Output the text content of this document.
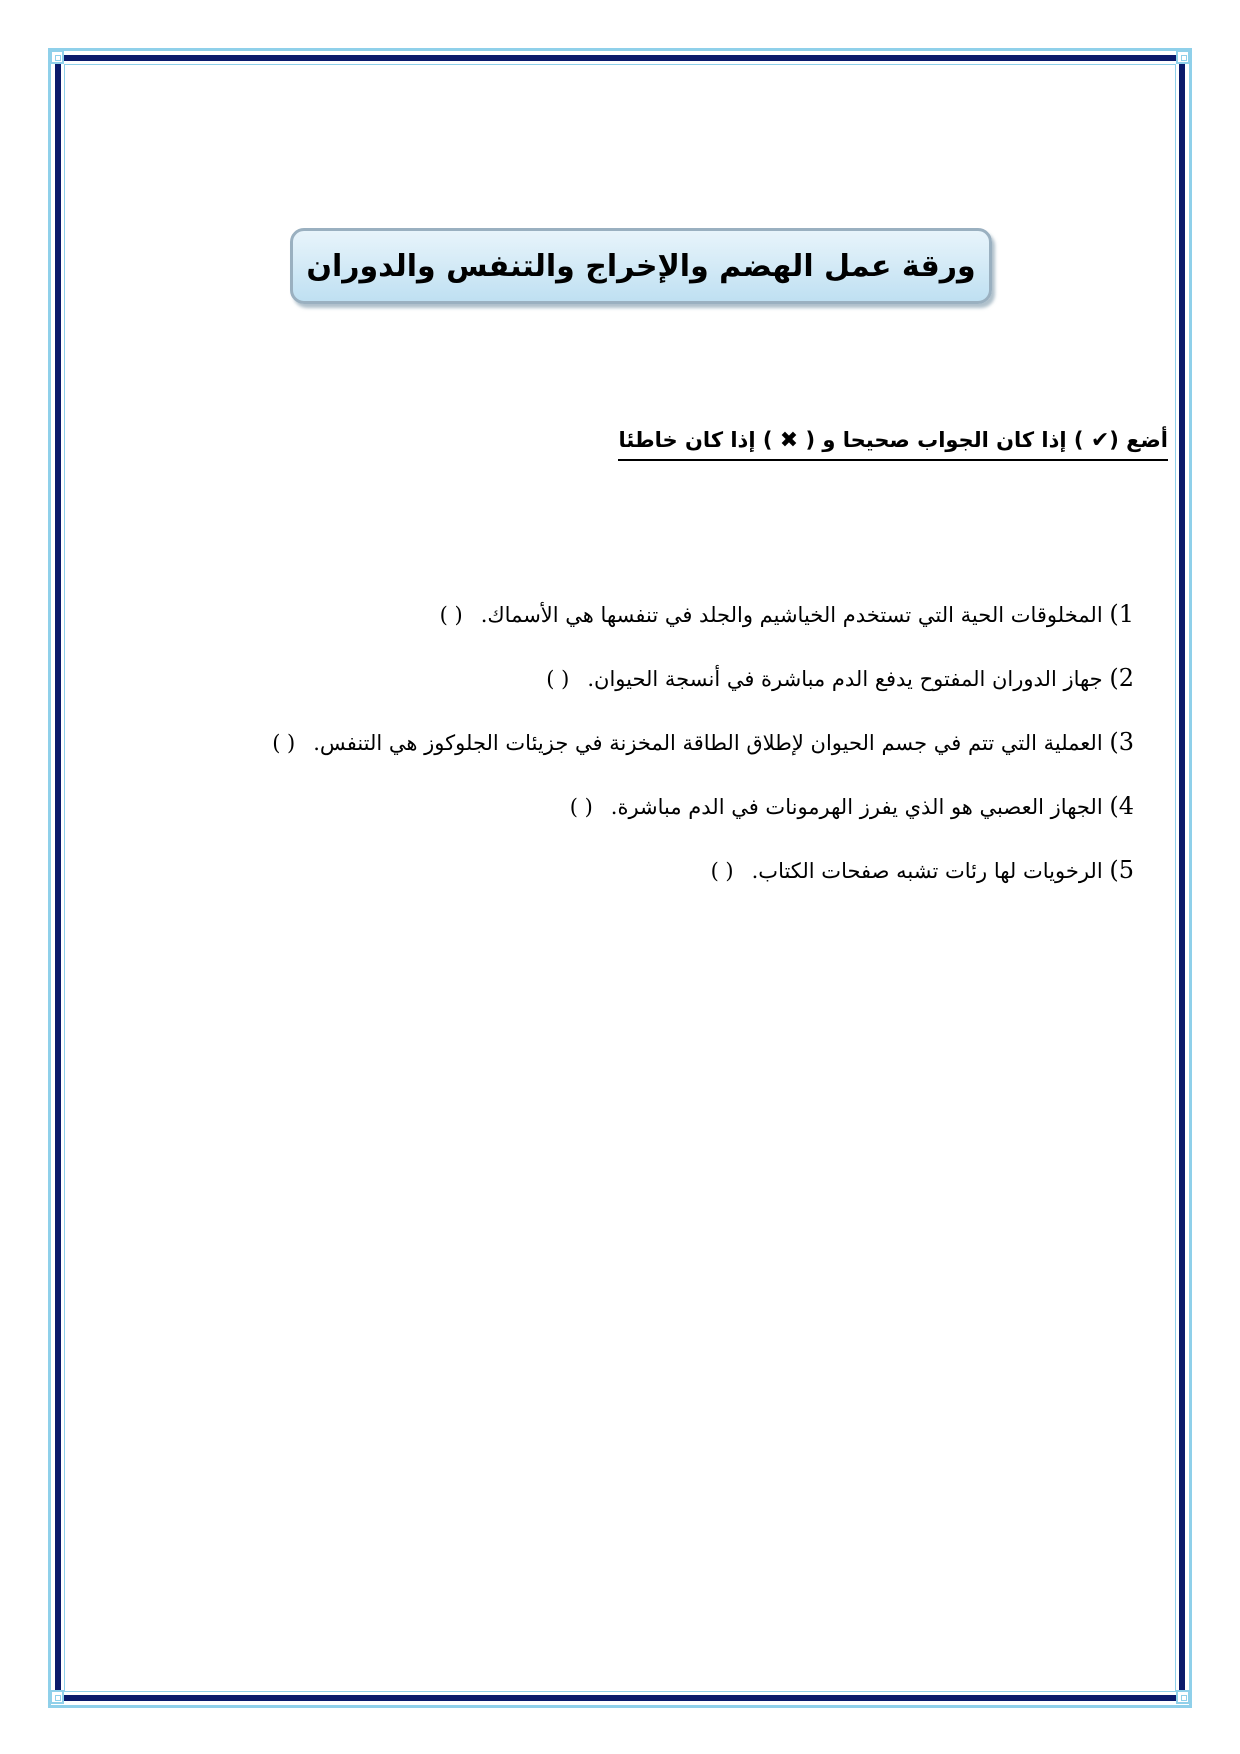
ورقة عمل الهضم والإخراج والتنفس والدوران
أضع (✔ ) إذا كان الجواب صحيحا و ( ✖ ) إذا كان خاطئا
1) المخلوقات الحية التي تستخدم الخياشيم والجلد في تنفسها هي الأسماك.( )
2) جهاز الدوران المفتوح يدفع الدم مباشرة في أنسجة الحيوان.( )
3) العملية التي تتم في جسم الحيوان لإطلاق الطاقة المخزنة في جزيئات الجلوكوز هي التنفس.( )
4) الجهاز العصبي هو الذي يفرز الهرمونات في الدم مباشرة.( )
5) الرخويات لها رئات تشبه صفحات الكتاب.( )
